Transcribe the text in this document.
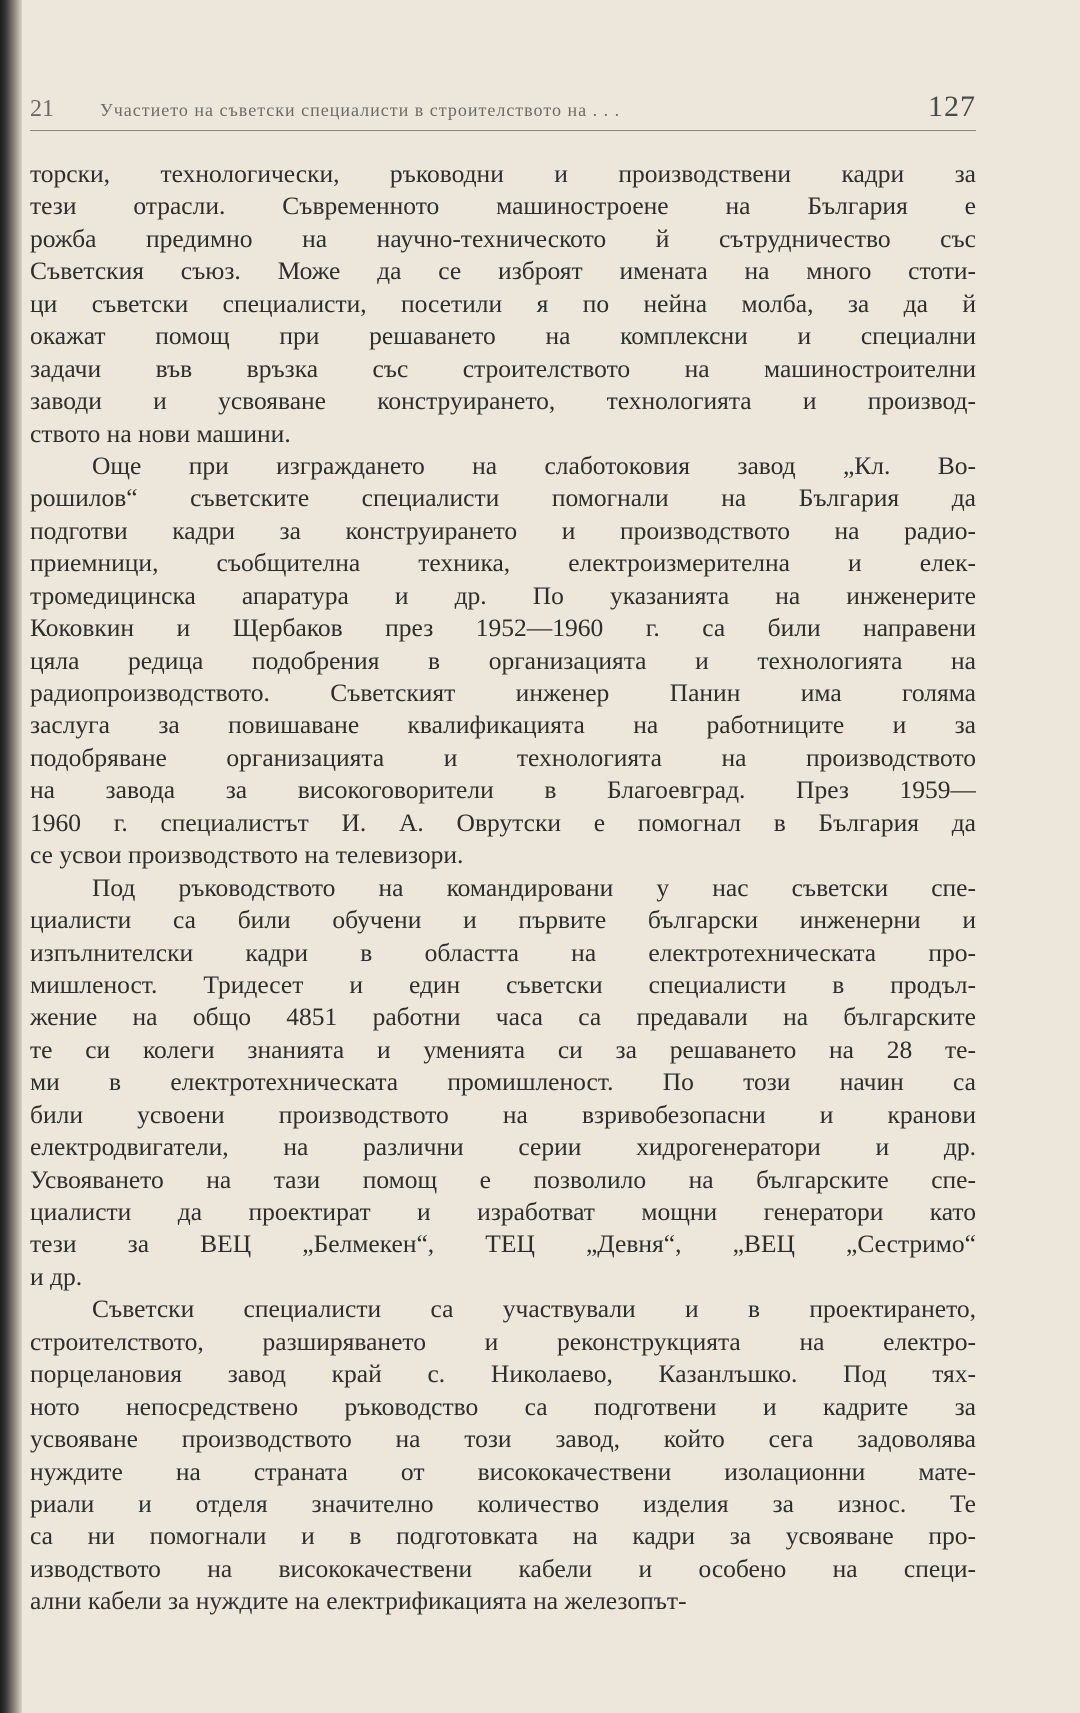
21	Участието на съветски специалисти в строителството на . . .	127
торски, технологически, ръководни и производствени кадри за
тези отрасли. Съвременното машиностроене на България е
рожба предимно на научно-техническото й сътрудничество със
Съветския съюз. Може да се изброят имената на много стоти-
ци съветски специалисти, посетили я по нейна молба, за да й
окажат помощ при решаването на комплексни и специални
задачи във връзка със строителството на машиностроителни
заводи и усвояване конструирането, технологията и производ-
ството на нови машини.
Още при изграждането на слаботоковия завод „Кл. Во-
рошилов“ съветските специалисти помогнали на България да
подготви кадри за конструирането и производството на радио-
приемници, съобщителна техника, електроизмерителна и елек-
тромедицинска апаратура и др. По указанията на инженерите
Коковкин и Щербаков през 1952—1960 г. са били направени
цяла редица подобрения в организацията и технологията на
радиопроизводството. Съветският инженер Панин има голяма
заслуга за повишаване квалификацията на работниците и за
подобряване организацията и технологията на производството
на завода за високоговорители в Благоевград. През 1959—
1960 г. специалистът И. А. Оврутски е помогнал в България да
се усвои производството на телевизори.
Под ръководството на командировани у нас съветски спе-
циалисти са били обучени и първите български инженерни и
изпълнителски кадри в областта на електротехническата про-
мишленост. Тридесет и един съветски специалисти в продъл-
жение на общо 4851 работни часа са предавали на българските
те си колеги знанията и уменията си за решаването на 28 те-
ми в електротехническата промишленост. По този начин са
били усвоени производството на взривобезопасни и кранови
електродвигатели, на различни серии хидрогенератори и др.
Усвояването на тази помощ е позволило на българските спе-
циалисти да проектират и изработват мощни генератори като
тези за ВЕЦ „Белмекен“, ТЕЦ „Девня“, „ВЕЦ „Сестримо“
и др.
Съветски специалисти са участвували и в проектирането,
строителството, разширяването и реконструкцията на електро-
порцелановия завод край с. Николаево, Казанлъшко. Под тях-
ното непосредствено ръководство са подготвени и кадрите за
усвояване производството на този завод, който сега задоволява
нуждите на страната от висококачествени изолационни мате-
риали и отделя значително количество изделия за износ. Те
са ни помогнали и в подготовката на кадри за усвояване про-
изводството на висококачествени кабели и особено на специ-
ални кабели за нуждите на електрификацията на железопът-
